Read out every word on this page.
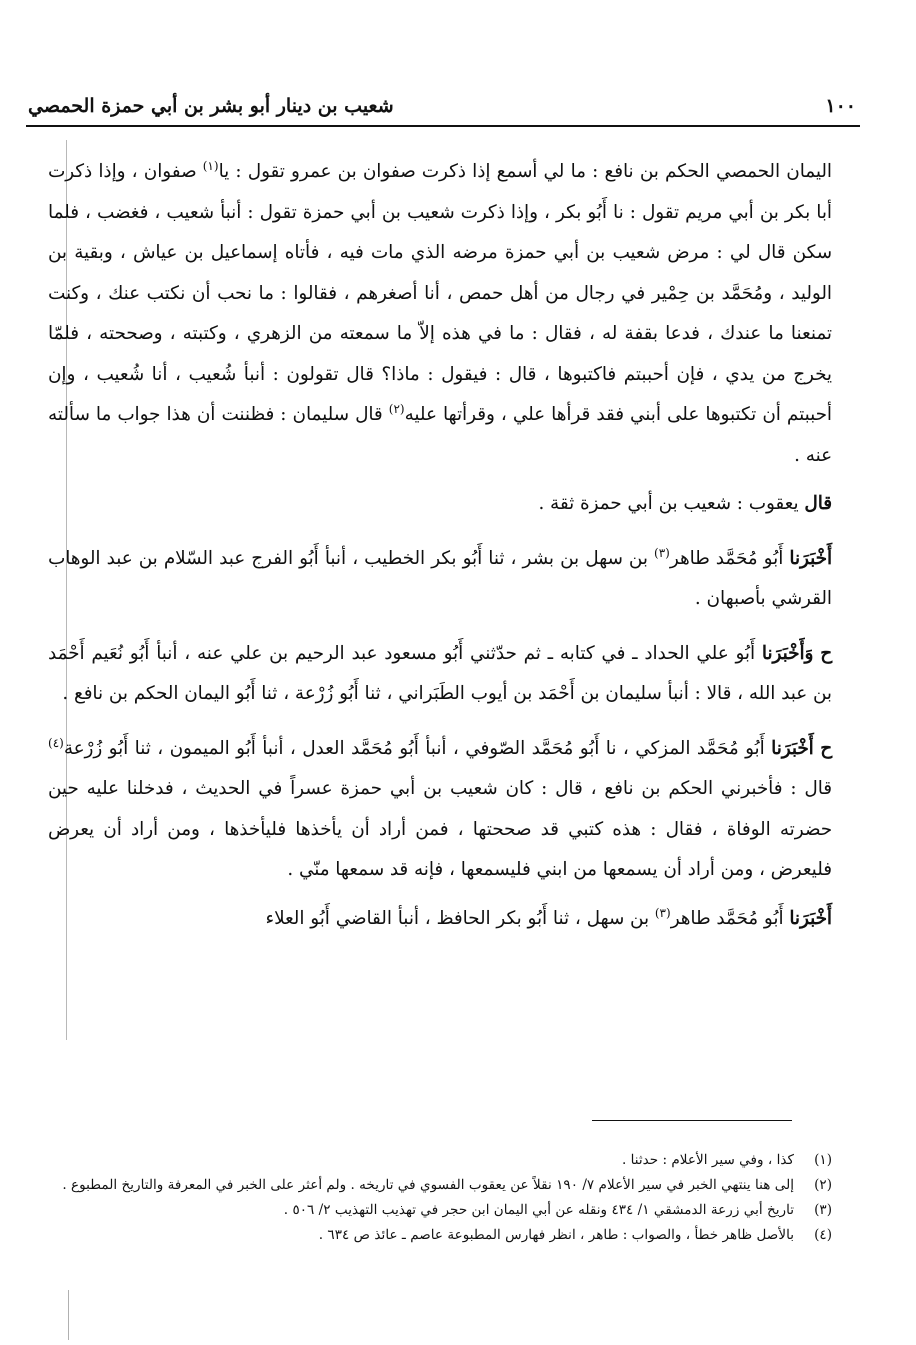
١٠٠
شعيب بن دينار أبو بشر بن أبي حمزة الحمصي
اليمان الحمصي الحكم بن نافع : ما لي أسمع إذا ذكرت صفوان بن عمرو تقول : يا$^{(١)}$ صفوان ، وإذا ذكرت أبا بكر بن أبي مريم تقول : نا أَبُو بكر ، وإذا ذكرت شعيب بن أبي حمزة تقول : أنبأ شعيب ، فغضب ، فلما سكن قال لي : مرض شعيب بن أبي حمزة مرضه الذي مات فيه ، فأتاه إسماعيل بن عياش ، وبقية بن الوليد ، ومُحَمَّد بن حِمْير في رجال من أهل حمص ، أنا أصغرهم ، فقالوا : ما نحب أن نكتب عنك ، وكنت تمنعنا ما عندك ، فدعا بقفة له ، فقال : ما في هذه إلاّ ما سمعته من الزهري ، وكتبته ، وصححته ، فلمّا يخرج من يدي ، فإن أحببتم فاكتبوها ، قال : فيقول : ماذا؟ قال تقولون : أنبأ شُعيب ، أنا شُعيب ، وإن أحببتم أن تكتبوها على أبني فقد قرأها علي ، وقرأتها عليه$^{(٢)}$ قال سليمان : فظننت أن هذا جواب ما سألته عنه .
قال يعقوب : شعيب بن أبي حمزة ثقة .
أَخْبَرَنا أَبُو مُحَمَّد طاهر$^{(٣)}$ بن سهل بن بشر ، ثنا أَبُو بكر الخطيب ، أنبأ أَبُو الفرج عبد السّلام بن عبد الوهاب القرشي بأصبهان .
ح وَأَخْبَرَنا أَبُو علي الحداد ـ في كتابه ـ ثم حدّثني أَبُو مسعود عبد الرحيم بن علي عنه ، أنبأ أَبُو نُعَيم أَحْمَد بن عبد الله ، قالا : أنبأ سليمان بن أَحْمَد بن أيوب الطَبَراني ، ثنا أَبُو زُرْعة ، ثنا أَبُو اليمان الحكم بن نافع .
ح أَخْبَرَنا أَبُو مُحَمَّد المزكي ، نا أَبُو مُحَمَّد الصّوفي ، أنبأ أَبُو مُحَمَّد العدل ، أنبأ أَبُو الميمون ، ثنا أَبُو زُرْعة$^{(٤)}$ قال : فأخبرني الحكم بن نافع ، قال : كان شعيب بن أبي حمزة عسراً في الحديث ، فدخلنا عليه حين حضرته الوفاة ، فقال : هذه كتبي قد صححتها ، فمن أراد أن يأخذها فليأخذها ، ومن أراد أن يعرض فليعرض ، ومن أراد أن يسمعها من ابني فليسمعها ، فإنه قد سمعها منّي .
أَخْبَرَنا أَبُو مُحَمَّد طاهر$^{(٣)}$ بن سهل ، ثنا أَبُو بكر الحافظ ، أنبأ القاضي أَبُو العلاء
(١)
كذا ، وفي سير الأعلام : حدثنا .
(٢)
إلى هنا ينتهي الخبر في سير الأعلام ٧/ ١٩٠ نقلاً عن يعقوب الفسوي في تاريخه . ولم أعثر على الخبر في المعرفة والتاريخ المطبوع .
(٣)
تاريخ أبي زرعة الدمشقي ١/ ٤٣٤ ونقله عن أبي اليمان ابن حجر في تهذيب التهذيب ٢/ ٥٠٦ .
(٤)
بالأصل ظاهر خطأ ، والصواب : طاهر ، انظر فهارس المطبوعة عاصم ـ عائذ ص ٦٣٤ .
